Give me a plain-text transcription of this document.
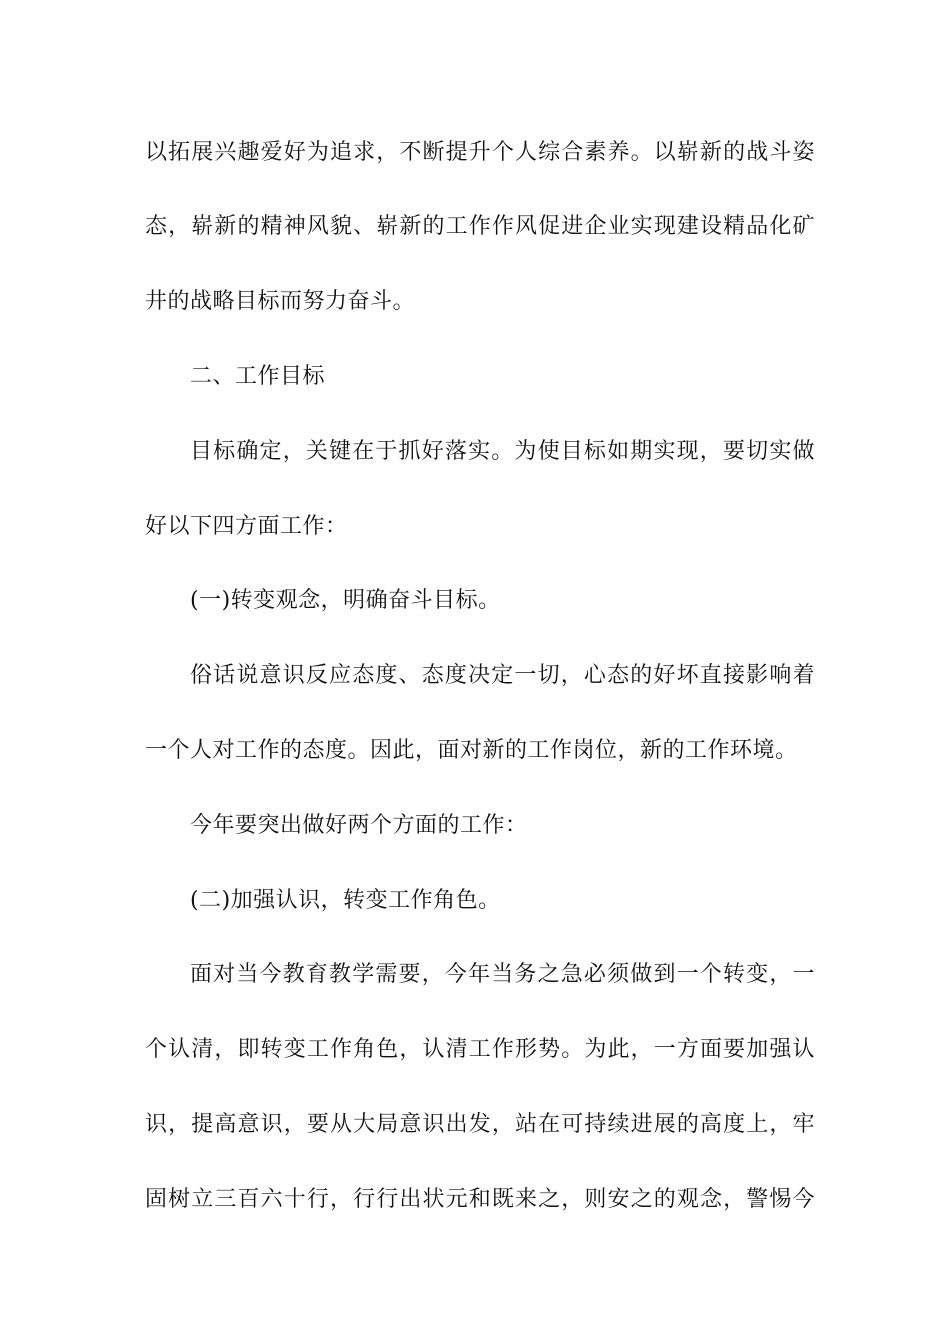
以拓展兴趣爱好为追求，不断提升个人综合素养。以崭新的战斗姿
态，崭新的精神风貌、崭新的工作作风促进企业实现建设精品化矿
井的战略目标而努力奋斗。
二、工作目标
目标确定，关键在于抓好落实。为使目标如期实现，要切实做
好以下四方面工作：
(一)转变观念，明确奋斗目标。
俗话说意识反应态度、态度决定一切，心态的好坏直接影响着
一个人对工作的态度。因此，面对新的工作岗位，新的工作环境。
今年要突出做好两个方面的工作：
(二)加强认识，转变工作角色。
面对当今教育教学需要，今年当务之急必须做到一个转变，一
个认清，即转变工作角色，认清工作形势。为此，一方面要加强认
识，提高意识，要从大局意识出发，站在可持续进展的高度上，牢
固树立三百六十行，行行出状元和既来之，则安之的观念，警惕今
